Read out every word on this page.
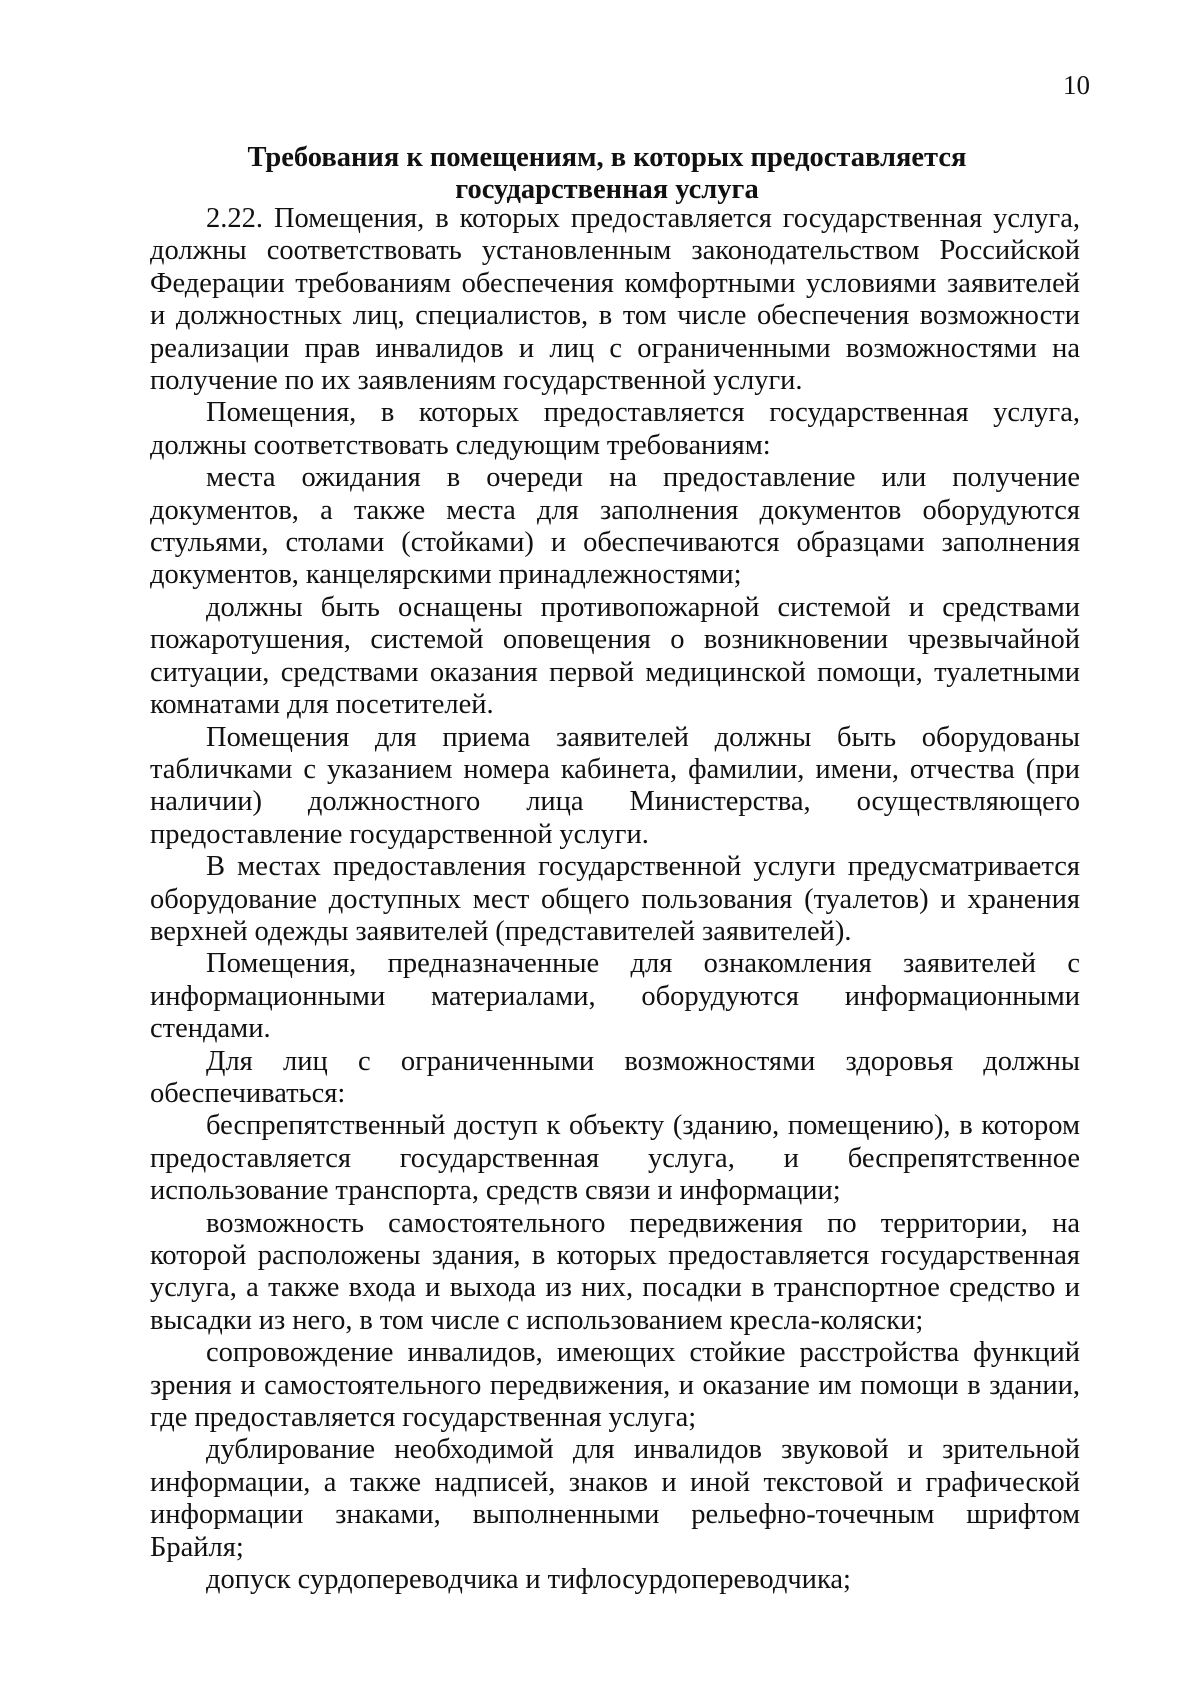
10
Требования к помещениям, в которых предоставляется
государственная услуга

2.22. Помещения, в которых предоставляется государственная услуга, должны соответствовать установленным законодательством Российской Федерации требованиям обеспечения комфортными условиями заявителей и должностных лиц, специалистов, в том числе обеспечения возможности реализации прав инвалидов и лиц с ограниченными возможностями на получение по их заявлениям государственной услуги.

Помещения, в которых предоставляется государственная услуга, должны соответствовать следующим требованиям:

места ожидания в очереди на предоставление или получение документов, а также места для заполнения документов оборудуются стульями, столами (стойками) и обеспечиваются образцами заполнения документов, канцелярскими принадлежностями;

должны быть оснащены противопожарной системой и средствами пожаротушения, системой оповещения о возникновении чрезвычайной ситуации, средствами оказания первой медицинской помощи, туалетными комнатами для посетителей.

Помещения для приема заявителей должны быть оборудованы табличками с указанием номера кабинета, фамилии, имени, отчества (при наличии) должностного лица Министерства, осуществляющего предоставление государственной услуги.

В местах предоставления государственной услуги предусматривается оборудование доступных мест общего пользования (туалетов) и хранения верхней одежды заявителей (представителей заявителей).

Помещения, предназначенные для ознакомления заявителей с информационными материалами, оборудуются информационными стендами.

Для лиц с ограниченными возможностями здоровья должны обеспечиваться:

беспрепятственный доступ к объекту (зданию, помещению), в котором предоставляется государственная услуга, и беспрепятственное использование транспорта, средств связи и информации;

возможность самостоятельного передвижения по территории, на которой расположены здания, в которых предоставляется государственная услуга, а также входа и выхода из них, посадки в транспортное средство и высадки из него, в том числе с использованием кресла-коляски;

сопровождение инвалидов, имеющих стойкие расстройства функций зрения и самостоятельного передвижения, и оказание им помощи в здании, где предоставляется государственная услуга;

дублирование необходимой для инвалидов звуковой и зрительной информации, а также надписей, знаков и иной текстовой и графической информации знаками, выполненными рельефно-точечным шрифтом Брайля;

допуск сурдопереводчика и тифлосурдопереводчика;
